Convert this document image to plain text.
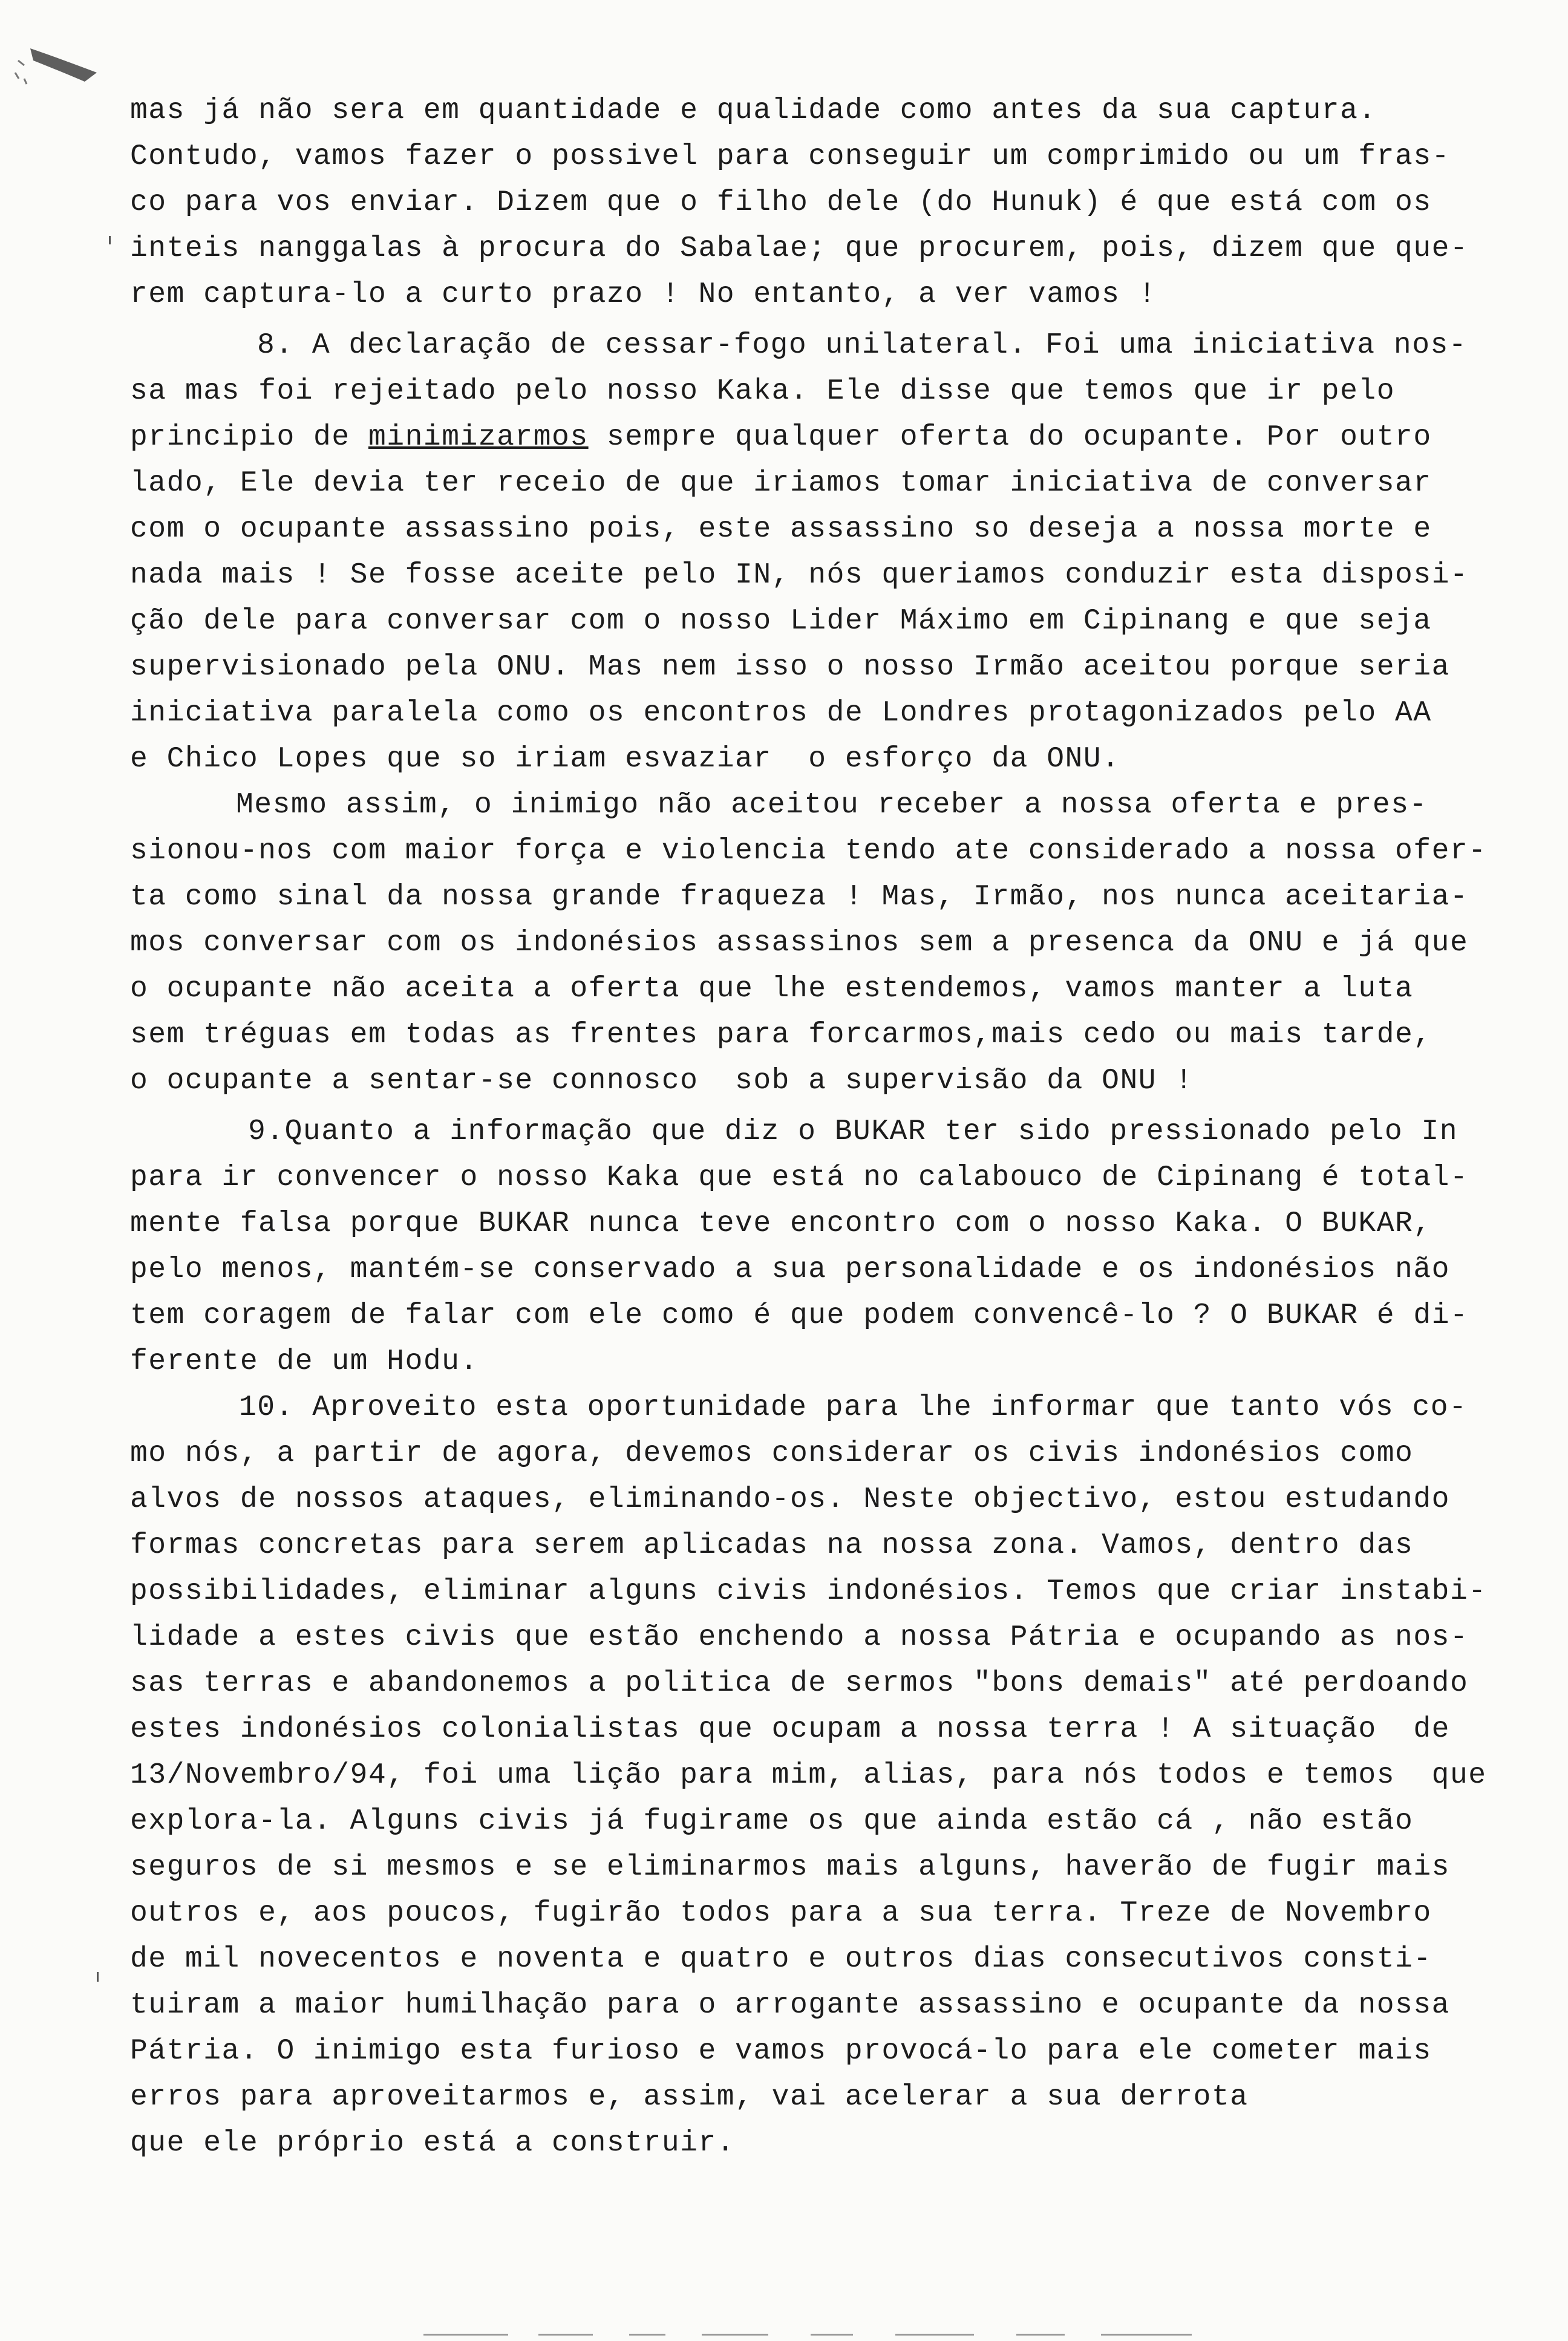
mas já não sera em quantidade e qualidade como antes da sua captura.
Contudo, vamos fazer o possivel para conseguir um comprimido ou um fras-
co para vos enviar. Dizem que o filho dele (do Hunuk) é que está com os
inteis nanggalas à procura do Sabalae; que procurem, pois, dizem que que-
rem captura-lo a curto prazo ! No entanto, a ver vamos !
8. A declaração de cessar-fogo unilateral. Foi uma iniciativa nos-
sa mas foi rejeitado pelo nosso Kaka. Ele disse que temos que ir pelo
principio de minimizarmos sempre qualquer oferta do ocupante. Por outro
lado, Ele devia ter receio de que iriamos tomar iniciativa de conversar
com o ocupante assassino pois, este assassino so deseja a nossa morte e
nada mais ! Se fosse aceite pelo IN, nós queriamos conduzir esta disposi-
ção dele para conversar com o nosso Lider Máximo em Cipinang e que seja
supervisionado pela ONU. Mas nem isso o nosso Irmão aceitou porque seria
iniciativa paralela como os encontros de Londres protagonizados pelo AA
e Chico Lopes que so iriam esvaziar  o esforço da ONU.
Mesmo assim, o inimigo não aceitou receber a nossa oferta e pres-
sionou-nos com maior força e violencia tendo ate considerado a nossa ofer-
ta como sinal da nossa grande fraqueza ! Mas, Irmão, nos nunca aceitaria-
mos conversar com os indonésios assassinos sem a presenca da ONU e já que
o ocupante não aceita a oferta que lhe estendemos, vamos manter a luta
sem tréguas em todas as frentes para forcarmos,mais cedo ou mais tarde,
o ocupante a sentar-se connosco  sob a supervisão da ONU !
9.Quanto a informação que diz o BUKAR ter sido pressionado pelo In
para ir convencer o nosso Kaka que está no calabouco de Cipinang é total-
mente falsa porque BUKAR nunca teve encontro com o nosso Kaka. O BUKAR,
pelo menos, mantém-se conservado a sua personalidade e os indonésios não
tem coragem de falar com ele como é que podem convencê-lo ? O BUKAR é di-
ferente de um Hodu.
10. Aproveito esta oportunidade para lhe informar que tanto vós co-
mo nós, a partir de agora, devemos considerar os civis indonésios como
alvos de nossos ataques, eliminando-os. Neste objectivo, estou estudando
formas concretas para serem aplicadas na nossa zona. Vamos, dentro das
possibilidades, eliminar alguns civis indonésios. Temos que criar instabi-
lidade a estes civis que estão enchendo a nossa Pátria e ocupando as nos-
sas terras e abandonemos a politica de sermos "bons demais" até perdoando
estes indonésios colonialistas que ocupam a nossa terra ! A situação  de
13/Novembro/94, foi uma lição para mim, alias, para nós todos e temos  que
explora-la. Alguns civis já fugirame os que ainda estão cá , não estão
seguros de si mesmos e se eliminarmos mais alguns, haverão de fugir mais
outros e, aos poucos, fugirão todos para a sua terra. Treze de Novembro
de mil novecentos e noventa e quatro e outros dias consecutivos consti-
tuiram a maior humilhação para o arrogante assassino e ocupante da nossa
Pátria. O inimigo esta furioso e vamos provocá-lo para ele cometer mais
erros para aproveitarmos e, assim, vai acelerar a sua derrota
que ele próprio está a construir.
